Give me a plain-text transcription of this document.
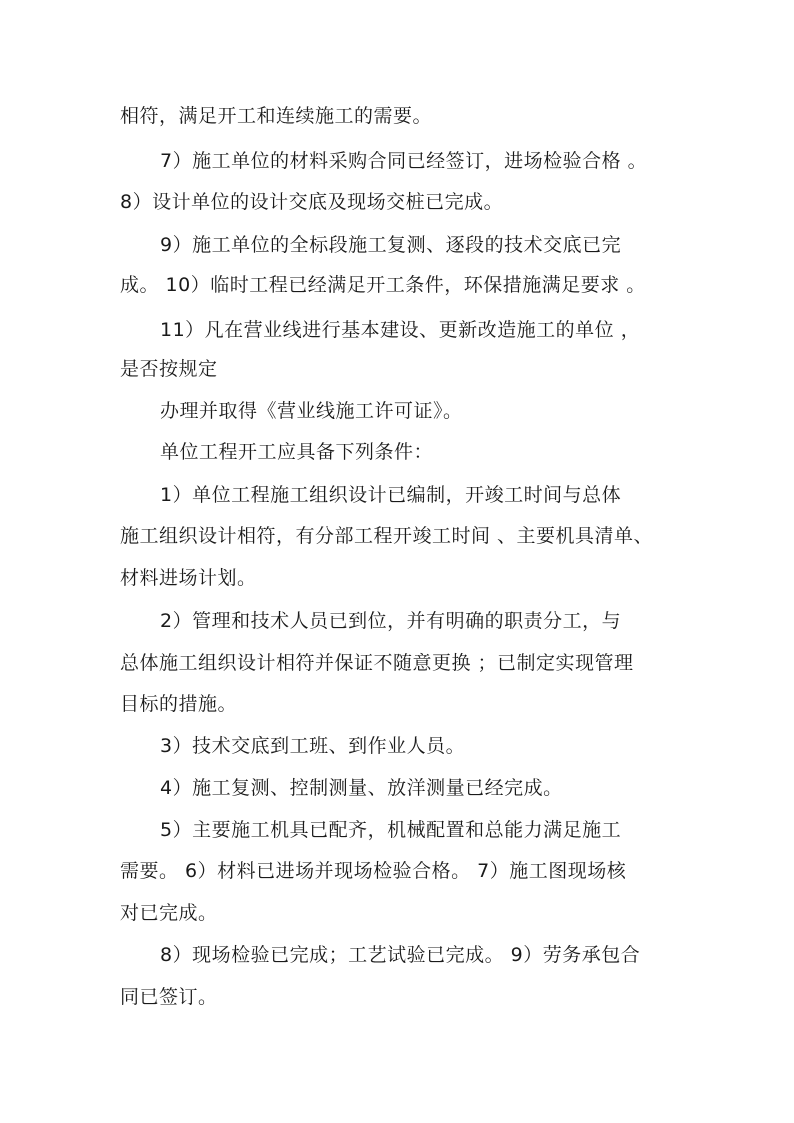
相符，满足开工和连续施工的需要。
7）施工单位的材料采购合同已经签订，进场检验合格 。
8）设计单位的设计交底及现场交桩已完成。
9）施工单位的全标段施工复测、逐段的技术交底已完
成。 10）临时工程已经满足开工条件，环保措施满足要求 。
11）凡在营业线进行基本建设、更新改造施工的单位 ，
是否按规定
办理并取得《营业线施工许可证》。
单位工程开工应具备下列条件：
1）单位工程施工组织设计已编制，开竣工时间与总体
施工组织设计相符，有分部工程开竣工时间 、主要机具清单、
材料进场计划。
2）管理和技术人员已到位，并有明确的职责分工，与
总体施工组织设计相符并保证不随意更换 ；已制定实现管理
目标的措施。
3）技术交底到工班、到作业人员。
4）施工复测、控制测量、放洋测量已经完成。
5）主要施工机具已配齐，机械配置和总能力满足施工
需要。 6）材料已进场并现场检验合格。 7）施工图现场核
对已完成。
8）现场检验已完成；工艺试验已完成。 9）劳务承包合
同已签订。
